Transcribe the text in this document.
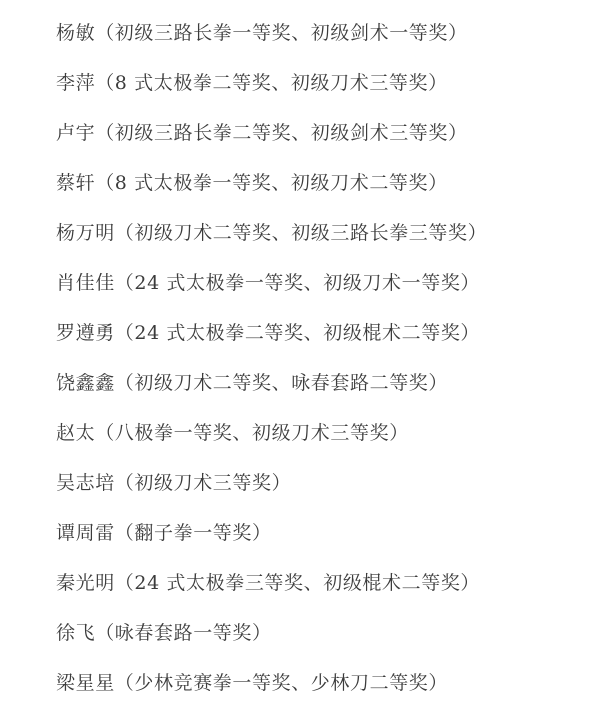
杨敏（初级三路长拳一等奖、初级剑术一等奖）
李萍（8 式太极拳二等奖、初级刀术三等奖）
卢宇（初级三路长拳二等奖、初级剑术三等奖）
蔡轩（8 式太极拳一等奖、初级刀术二等奖）
杨万明（初级刀术二等奖、初级三路长拳三等奖）
肖佳佳（24 式太极拳一等奖、初级刀术一等奖）
罗遵勇（24 式太极拳二等奖、初级棍术二等奖）
饶鑫鑫（初级刀术二等奖、咏春套路二等奖）
赵太（八极拳一等奖、初级刀术三等奖）
吴志培（初级刀术三等奖）
谭周雷（翻子拳一等奖）
秦光明（24 式太极拳三等奖、初级棍术二等奖）
徐飞（咏春套路一等奖）
梁星星（少林竞赛拳一等奖、少林刀二等奖）
